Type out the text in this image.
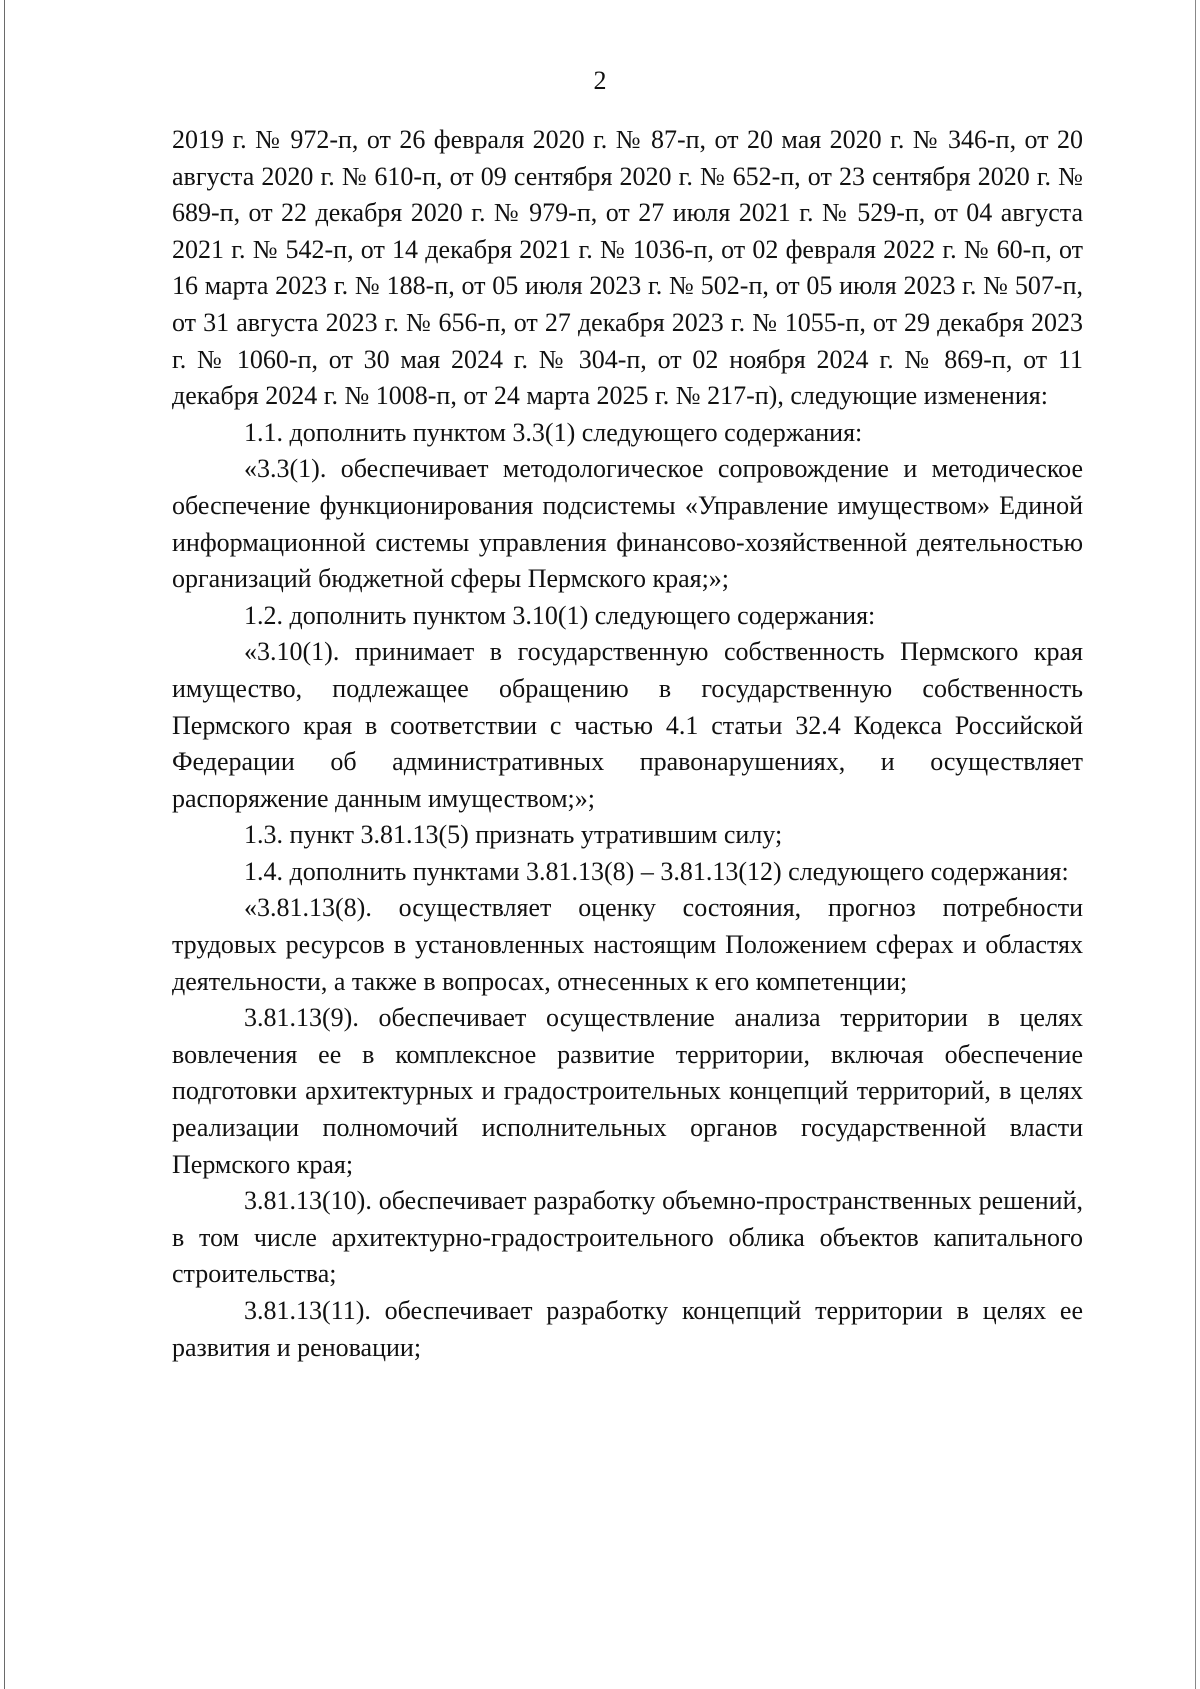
2

2019 г. № 972-п, от 26 февраля 2020 г. № 87-п, от 20 мая 2020 г. № 346-п, от 20 августа 2020 г. № 610-п, от 09 сентября 2020 г. № 652-п, от 23 сентября 2020 г. № 689-п, от 22 декабря 2020 г. № 979-п, от 27 июля 2021 г. № 529-п, от 04 августа 2021 г. № 542-п, от 14 декабря 2021 г. № 1036-п, от 02 февраля 2022 г. № 60-п, от 16 марта 2023 г. № 188-п, от 05 июля 2023 г. № 502-п, от 05 июля 2023 г. № 507-п, от 31 августа 2023 г. № 656-п, от 27 декабря 2023 г. № 1055-п, от 29 декабря 2023 г. № 1060-п, от 30 мая 2024 г. № 304-п, от 02 ноября 2024 г. № 869-п, от 11 декабря 2024 г. № 1008-п, от 24 марта 2025 г. № 217-п), следующие изменения:

1.1. дополнить пунктом 3.3(1) следующего содержания:

«3.3(1). обеспечивает методологическое сопровождение и методическое обеспечение функционирования подсистемы «Управление имуществом» Единой информационной системы управления финансово-хозяйственной деятельностью организаций бюджетной сферы Пермского края;»;

1.2. дополнить пунктом 3.10(1) следующего содержания:

«3.10(1). принимает в государственную собственность Пермского края имущество, подлежащее обращению в государственную собственность Пермского края в соответствии с частью 4.1 статьи 32.4 Кодекса Российской Федерации об административных правонарушениях, и осуществляет распоряжение данным имуществом;»;

1.3. пункт 3.81.13(5) признать утратившим силу;

1.4. дополнить пунктами 3.81.13(8) – 3.81.13(12) следующего содержания:

«3.81.13(8). осуществляет оценку состояния, прогноз потребности трудовых ресурсов в установленных настоящим Положением сферах и областях деятельности, а также в вопросах, отнесенных к его компетенции;

3.81.13(9). обеспечивает осуществление анализа территории в целях вовлечения ее в комплексное развитие территории, включая обеспечение подготовки архитектурных и градостроительных концепций территорий, в целях реализации полномочий исполнительных органов государственной власти Пермского края;

3.81.13(10). обеспечивает разработку объемно-пространственных решений, в том числе архитектурно-градостроительного облика объектов капитального строительства;

3.81.13(11). обеспечивает разработку концепций территории в целях ее развития и реновации;
